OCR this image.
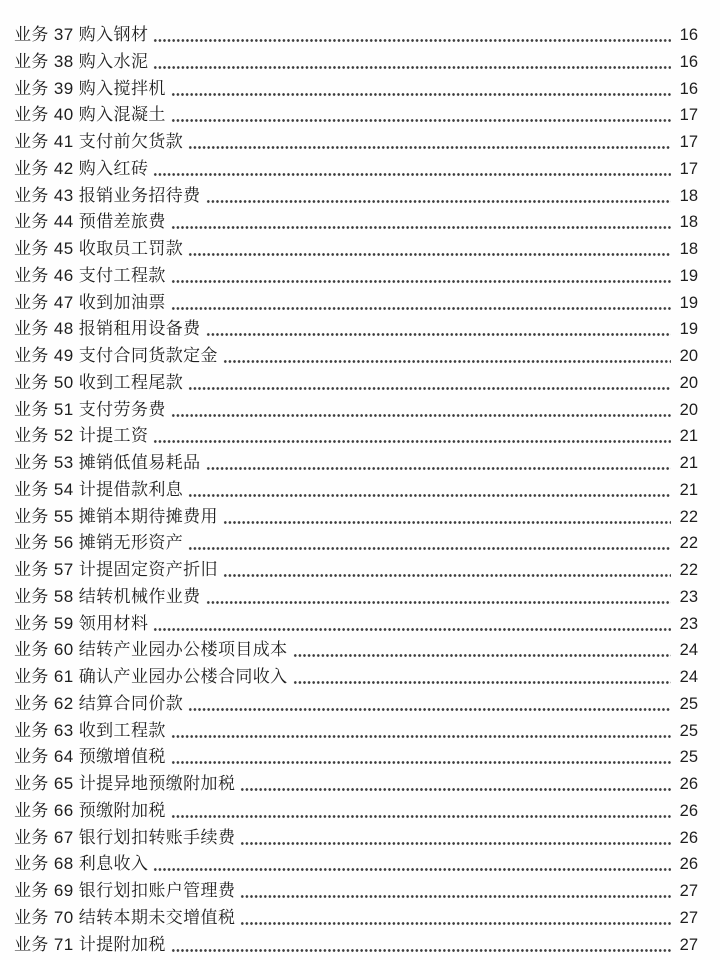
业务 37 购入钢材	16
业务 38 购入水泥	16
业务 39 购入搅拌机	16
业务 40 购入混凝土	17
业务 41 支付前欠货款	17
业务 42 购入红砖	17
业务 43 报销业务招待费	18
业务 44 预借差旅费	18
业务 45 收取员工罚款	18
业务 46 支付工程款	19
业务 47 收到加油票	19
业务 48 报销租用设备费	19
业务 49 支付合同货款定金	20
业务 50 收到工程尾款	20
业务 51 支付劳务费	20
业务 52 计提工资	21
业务 53 摊销低值易耗品	21
业务 54 计提借款利息	21
业务 55 摊销本期待摊费用	22
业务 56 摊销无形资产	22
业务 57 计提固定资产折旧	22
业务 58 结转机械作业费	23
业务 59 领用材料	23
业务 60 结转产业园办公楼项目成本	24
业务 61 确认产业园办公楼合同收入	24
业务 62 结算合同价款	25
业务 63 收到工程款	25
业务 64 预缴增值税	25
业务 65 计提异地预缴附加税	26
业务 66 预缴附加税	26
业务 67 银行划扣转账手续费	26
业务 68 利息收入	26
业务 69 银行划扣账户管理费	27
业务 70 结转本期未交增值税	27
业务 71 计提附加税	27
